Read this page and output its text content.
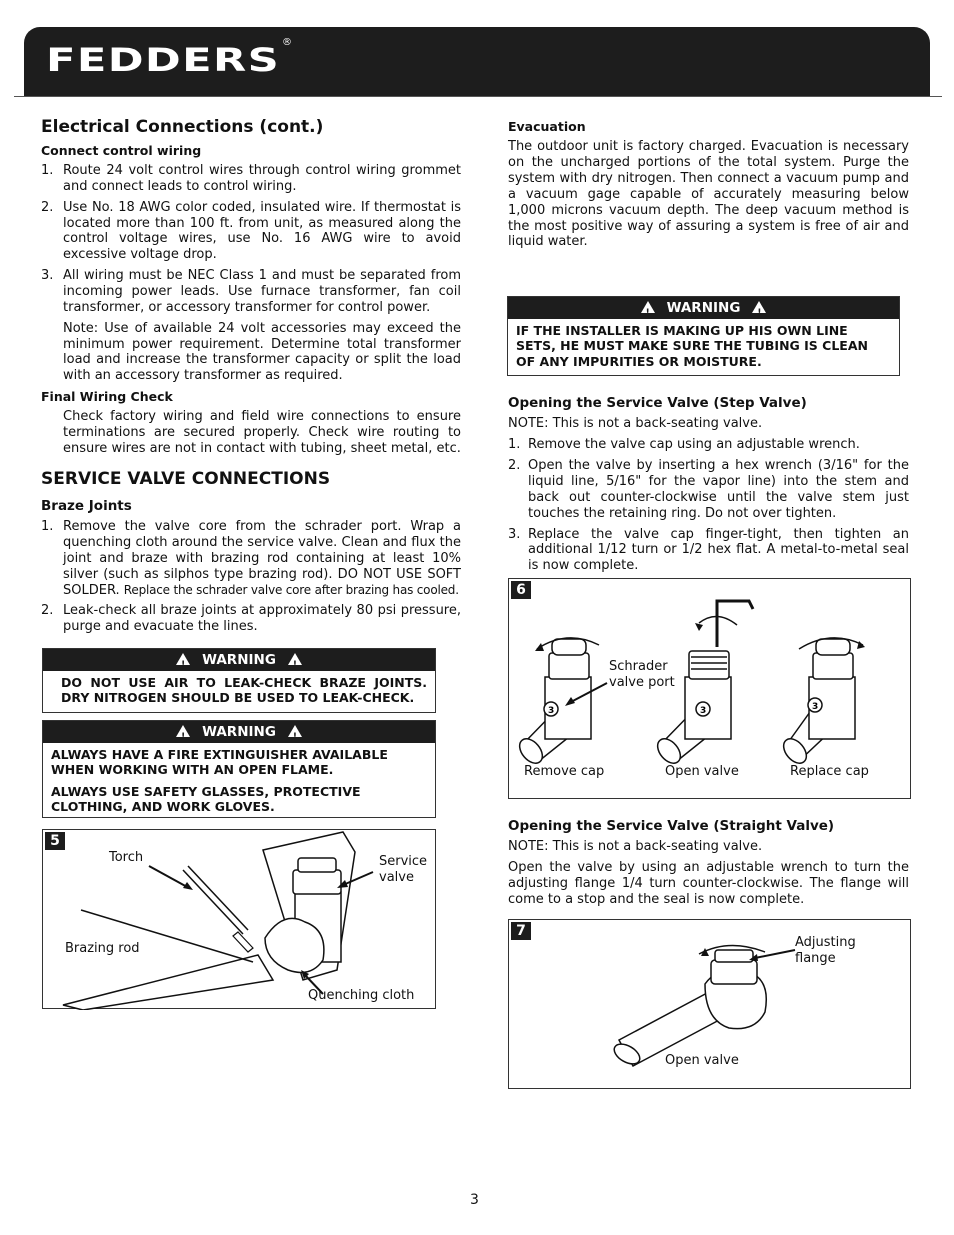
FEDDERS ®
Electrical Connections (cont.)
Connect control wiring
1. Route 24 volt control wires through control wiring grommet and connect leads to control wiring.
2. Use No. 18 AWG color coded, insulated wire. If thermostat is located more than 100 ft. from unit, as measured along the control voltage wires, use No. 16 AWG wire to avoid excessive voltage drop.
3. All wiring must be NEC Class 1 and must be separated from incoming power leads. Use furnace transformer, fan coil transformer, or accessory transformer for control power.

Note: Use of available 24 volt accessories may exceed the minimum power requirement. Determine total transformer load and increase the transformer capacity or split the load with an accessory transformer as required.

Final Wiring Check

Check factory wiring and field wire connections to ensure terminations are secured properly. Check wire routing to ensure wires are not in contact with tubing, sheet metal, etc.

SERVICE VALVE CONNECTIONS
Braze Joints
1. Remove the valve core from the schrader port. Wrap a quenching cloth around the service valve. Clean and flux the joint and braze with brazing rod containing at least 10% silver (such as silphos type brazing rod). DO NOT USE SOFT SOLDER. Replace the schrader valve core after brazing has cooled.
2. Leak-check all braze joints at approximately 80 psi pressure, purge and evacuate the lines.
!WARNING!
DO NOT USE AIR TO LEAK-CHECK BRAZE JOINTS. DRY NITROGEN SHOULD BE USED TO LEAK-CHECK.
!WARNING!

ALWAYS HAVE A FIRE EXTINGUISHER AVAILABLE WHEN WORKING WITH AN OPEN FLAME.

ALWAYS USE SAFETY GLASSES, PROTECTIVE CLOTHING, AND WORK GLOVES.

5
Torch	Service
valve
Brazing rod
Quenching cloth
Evacuation

The outdoor unit is factory charged. Evacuation is necessary on the uncharged portions of the total system. Purge the system with dry nitrogen. Then connect a vacuum pump and a vacuum gage capable of accurately measuring below 1,000 microns vacuum depth. The deep vacuum method is the most positive way of assuring a system is free of air and liquid water.

!WARNING!
IF THE INSTALLER IS MAKING UP HIS OWN LINE SETS, HE MUST MAKE SURE THE TUBING IS CLEAN OF ANY IMPURITIES OR MOISTURE.
Opening the Service Valve (Step Valve)

NOTE: This is not a back-seating valve.

1. Remove the valve cap using an adjustable wrench.
2. Open the valve by inserting a hex wrench (3/16" for the liquid line, 5/16" for the vapor line) into the stem and back out counter-clockwise until the valve stem just touches the retaining ring. Do not over tighten.
3. Replace the valve cap finger-tight, then tighten an additional 1/12 turn or 1/2 hex flat. A metal-to-metal seal is now complete.
3	3	3
6
Schrader
valve port
Remove cap	Open valve	Replace cap
Opening the Service Valve (Straight Valve)

NOTE: This is not a back-seating valve.

Open the valve by using an adjustable wrench to turn the adjusting flange 1/4 turn counter-clockwise. The flange will come to a stop and the seal is now complete.

7
Adjusting
flange
Open valve
3
